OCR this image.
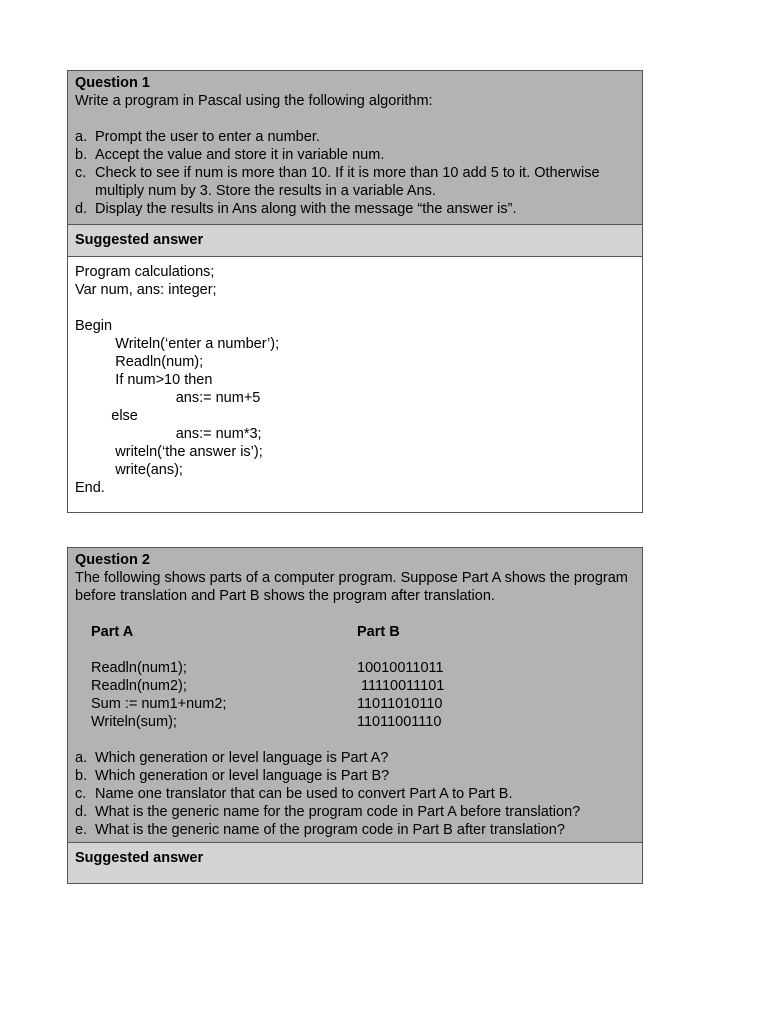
Question 1
Write a program in Pascal using the following algorithm:
a. Prompt the user to enter a number.
b. Accept the value and store it in variable num.
c. Check to see if num is more than 10. If it is more than 10 add 5 to it. Otherwise multiply num by 3. Store the results in a variable Ans.
d. Display the results in Ans along with the message “the answer is”.
Suggested answer
Program calculations;
Var num, ans: integer;
Begin
Writeln(‘enter a number’);
Readln(num);
If num>10 then
ans:= num+5
else
ans:= num*3;
writeln(‘the answer is’);
write(ans);
End.
Question 2
The following shows parts of a computer program. Suppose Part A shows the program before translation and Part B shows the program after translation.
Part A	Part B
Readln(num1);	10010011011
Readln(num2);	11110011101
Sum := num1+num2;	11011010110
Writeln(sum);	11011001110
a. Which generation or level language is Part A?
b. Which generation or level language is Part B?
c. Name one translator that can be used to convert Part A to Part B.
d. What is the generic name for the program code in Part A before translation?
e. What is the generic name of the program code in Part B after translation?
Suggested answer
